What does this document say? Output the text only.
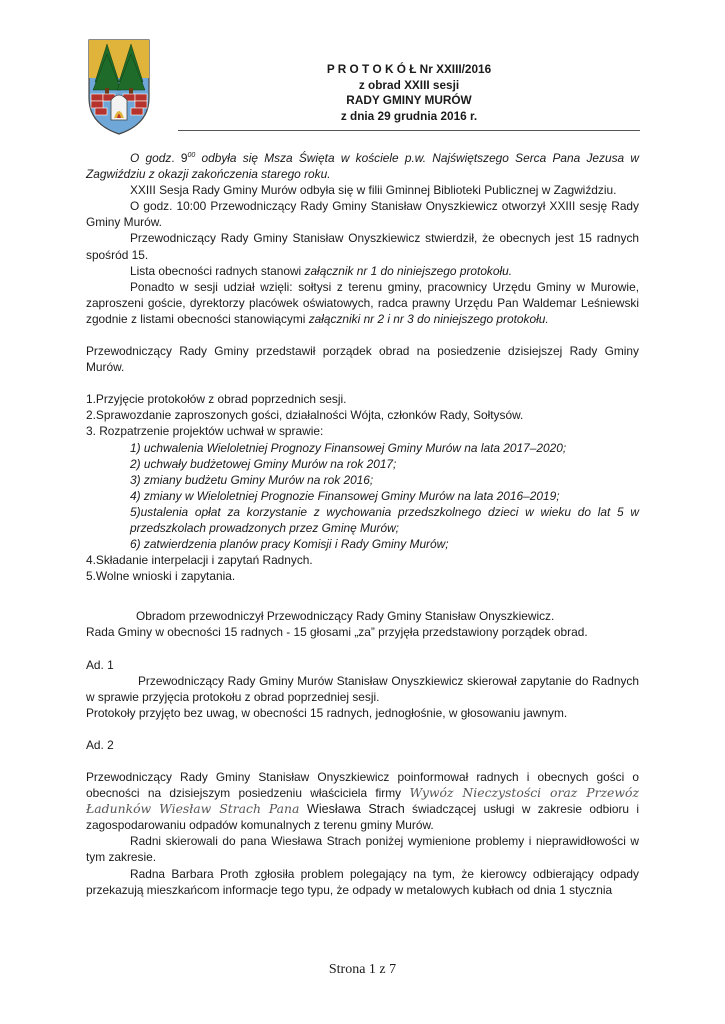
P R O T O K Ó Ł Nr XXIII/2016
z obrad XXIII sesji
RADY GMINY MURÓW
z dnia 29 grudnia 2016 r.

O godz. $9^{00}$ odbyła się Msza Święta w kościele p.w. Najświętszego Serca Pana Jezusa w Zagwiździu z okazji zakończenia starego roku.

XXIII Sesja Rady Gminy Murów odbyła się w filii Gminnej Biblioteki Publicznej w Zagwiździu.

O godz. 10:00 Przewodniczący Rady Gminy Stanisław Onyszkiewicz otworzył XXIII sesję Rady Gminy Murów.

Przewodniczący Rady Gminy Stanisław Onyszkiewicz stwierdził, że obecnych jest 15 radnych spośród 15.

Lista obecności radnych stanowi załącznik nr 1 do niniejszego protokołu.

Ponadto w sesji udział wzięli: sołtysi z terenu gminy, pracownicy Urzędu Gminy w Murowie, zaproszeni goście, dyrektorzy placówek oświatowych, radca prawny Urzędu Pan Waldemar Leśniewski zgodnie z listami obecności stanowiącymi załączniki nr 2 i nr 3 do niniejszego protokołu.

Przewodniczący Rady Gminy przedstawił porządek obrad na posiedzenie dzisiejszej Rady Gminy Murów.

1.Przyjęcie protokołów z obrad poprzednich sesji.

2.Sprawozdanie zaproszonych gości, działalności Wójta, członków Rady, Sołtysów.

3. Rozpatrzenie projektów uchwał w sprawie:

1) uchwalenia Wieloletniej Prognozy Finansowej Gminy Murów na lata 2017–2020;

2) uchwały budżetowej Gminy Murów na rok 2017;

3) zmiany budżetu Gminy Murów na rok 2016;

4) zmiany w Wieloletniej Prognozie Finansowej Gminy Murów na lata 2016–2019;

5)ustalenia opłat za korzystanie z wychowania przedszkolnego dzieci w wieku do lat 5 w przedszkolach prowadzonych przez Gminę Murów;

6) zatwierdzenia planów pracy Komisji i Rady Gminy Murów;

4.Składanie interpelacji i zapytań Radnych.

5.Wolne wnioski i zapytania.

Obradom przewodniczył Przewodniczący Rady Gminy Stanisław Onyszkiewicz.

Rada Gminy w obecności 15 radnych - 15 głosami „za” przyjęła przedstawiony porządek obrad.

Ad. 1

Przewodniczący Rady Gminy Murów Stanisław Onyszkiewicz skierował zapytanie do Radnych w sprawie przyjęcia protokołu z obrad poprzedniej sesji.

Protokoły przyjęto bez uwag, w obecności 15 radnych, jednogłośnie, w głosowaniu jawnym.

Ad. 2

Przewodniczący Rady Gminy Stanisław Onyszkiewicz poinformował radnych i obecnych gości o obecności na dzisiejszym posiedzeniu właściciela firmy Wywóz Nieczystości oraz Przewóz Ładunków Wiesław Strach Pana Wiesława Strach świadczącej usługi w zakresie odbioru i zagospodarowaniu odpadów komunalnych z terenu gminy Murów.

Radni skierowali do pana Wiesława Strach poniżej wymienione problemy i nieprawidłowości w tym zakresie.

Radna Barbara Proth zgłosiła problem polegający na tym, że kierowcy odbierający odpady przekazują mieszkańcom informacje tego typu, że odpady w metalowych kubłach od dnia 1 stycznia

Strona 1 z 7
